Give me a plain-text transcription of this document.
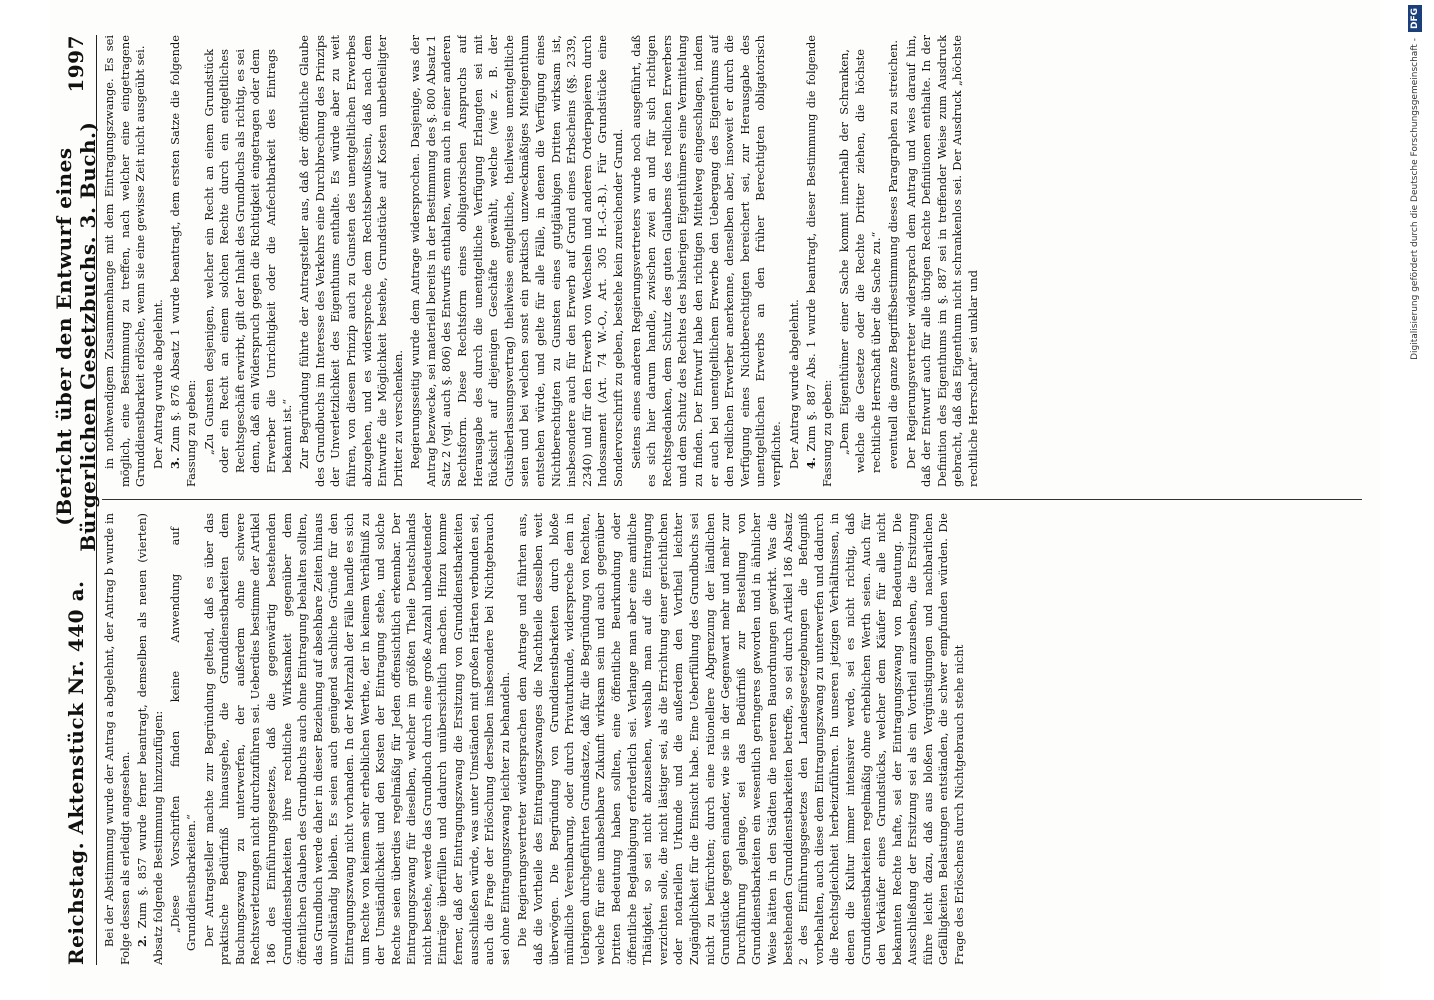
Reichstag. Aktenstück Nr. 440 a.
(Bericht über den Entwurf eines Bürgerlichen Gesetzbuchs. 3. Buch.)
1997

Bei der Abstimmung wurde der Antrag a abgelehnt, der Antrag b wurde in Folge dessen als erledigt angesehen. 2. Zum §. 857 wurde ferner beantragt, demselben als neuen (vierten) Absatz folgende Bestimmung hinzuzufügen: „Diese Vorschriften finden keine Anwendung auf Grunddienstbarkeiten.“ Der Antragsteller machte zur Begründung geltend, daß es über das praktische Bedürfniß hinausgehe, die Grunddienstbarkeiten dem Buchungszwang zu unterwerfen, der außerdem ohne schwere Rechtsverletzungen nicht durchzuführen sei. Ueberdies bestimme der Artikel 186 des Einführungsgesetzes, daß die gegenwärtig bestehenden Grunddienstbarkeiten ihre rechtliche Wirksamkeit gegenüber dem öffentlichen Glauben des Grundbuchs auch ohne Eintragung behalten sollten, das Grundbuch werde daher in dieser Beziehung auf absehbare Zeiten hinaus unvollständig bleiben. Es seien auch genügend sachliche Gründe für den Eintragungszwang nicht vorhanden. In der Mehrzahl der Fälle handle es sich um Rechte von keinem sehr erheblichen Werthe, der in keinem Verhältniß zu der Umständlichkeit und den Kosten der Eintragung stehe, und solche Rechte seien überdies regelmäßig für Jeden offensichtlich erkennbar. Der Eintragungszwang für dieselben, welcher im größten Theile Deutschlands nicht bestehe, werde das Grundbuch durch eine große Anzahl unbedeutender Einträge überfüllen und dadurch unübersichtlich machen. Hinzu komme ferner, daß der Eintragungszwang die Ersitzung von Grunddienstbarkeiten ausschließen würde, was unter Umständen mit großen Härten verbunden sei, auch die Frage der Erlöschung derselben insbesondere bei Nichtgebrauch sei ohne Eintragungszwang leichter zu behandeln. Die Regierungsvertreter widersprachen dem Antrage und führten aus, daß die Vortheile des Eintragungszwanges die Nachtheile desselben weit überwögen. Die Begründung von Grunddienstbarkeiten durch bloße mündliche Vereinbarung, oder durch Privaturkunde, widerspreche dem in Uebrigen durchgeführten Grundsatze, daß für die Begründung von Rechten, welche für eine unabsehbare Zukunft wirksam sein und auch gegenüber Dritten Bedeutung haben sollten, eine öffentliche Beurkundung oder öffentliche Beglaubigung erforderlich sei. Verlange man aber eine amtliche Thätigkeit, so sei nicht abzusehen, weshalb man auf die Eintragung verzichten solle, die nicht lästiger sei, als die Errichtung einer gerichtlichen oder notariellen Urkunde und die außerdem den Vortheil leichter Zugänglichkeit für die Einsicht habe. Eine Ueberfüllung des Grundbuchs sei nicht zu befürchten; durch eine rationellere Abgrenzung der ländlichen Grundstücke gegen einander, wie sie in der Gegenwart mehr und mehr zur Durchführung gelange, sei das Bedürfniß zur Bestellung von Grunddienstbarkeiten ein wesentlich geringeres geworden und in ähnlicher Weise hätten in den Städten die neueren Bauordnungen gewirkt. Was die bestehenden Grunddienstbarkeiten betreffe, so sei durch Artikel 186 Absatz 2 des Einführungsgesetzes den Landesgesetzgebungen die Befugniß vorbehalten, auch diese dem Eintragungszwang zu unterwerfen und dadurch die Rechtsgleichheit herbeizuführen. In unseren jetzigen Verhältnissen, in denen die Kultur immer intensiver werde, sei es nicht richtig, daß Grunddienstbarkeiten regelmäßig ohne erheblichen Werth seien. Auch für den Verkäufer eines Grundstücks, welcher dem Käufer für alle nicht bekannten Rechte hafte, sei der Eintragungszwang von Bedeutung. Die Ausschließung der Ersitzung sei als ein Vortheil anzusehen, die Ersitzung führe leicht dazu, daß aus bloßen Vergünstigungen und nachbarlichen Gefälligkeiten Belastungen entständen, die schwer empfunden würden. Die Frage des Erlöschens durch Nichtgebrauch stehe nicht

in nothwendigem Zusammenhange mit dem Eintragungszwange. Es sei möglich, eine Bestimmung zu treffen, nach welcher eine eingetragene Grunddienstbarkeit erlösche, wenn sie eine gewisse Zeit nicht ausgeübt sei. Der Antrag wurde abgelehnt. 3. Zum §. 876 Absatz 1 wurde beantragt, dem ersten Satze die folgende Fassung zu geben: „Zu Gunsten desjenigen, welcher ein Recht an einem Grundstück oder ein Recht an einem solchen Rechte durch ein entgeltliches Rechtsgeschäft erwirbt, gilt der Inhalt des Grundbuchs als richtig, es sei denn, daß ein Widerspruch gegen die Richtigkeit eingetragen oder dem Erwerber die Unrichtigkeit oder die Anfechtbarkeit des Eintrags bekannt ist.“ Zur Begründung führte der Antragsteller aus, daß der öffentliche Glaube des Grundbuchs im Interesse des Verkehrs eine Durchbrechung des Prinzips der Unverletzlichkeit des Eigenthums enthalte. Es würde aber zu weit führen, von diesem Prinzip auch zu Gunsten des unentgeltlichen Erwerbes abzugehen, und es widerspreche dem Rechtsbewußtsein, daß nach dem Entwurfe die Möglichkeit bestehe, Grundstücke auf Kosten unbetheiligter Dritter zu verschenken. Regierungsseitig wurde dem Antrage widersprochen. Dasjenige, was der Antrag bezwecke, sei materiell bereits in der Bestimmung des §. 800 Absatz 1 Satz 2 (vgl. auch §. 806) des Entwurfs enthalten, wenn auch in einer anderen Rechtsform. Diese Rechtsform eines obligatorischen Anspruchs auf Herausgabe des durch die unentgeltliche Verfügung Erlangten sei mit Rücksicht auf diejenigen Geschäfte gewählt, welche (wie z. B. der Gutsüberlassungsvertrag) theilweise entgeltliche, theilweise unentgeltliche seien und bei welchen sonst ein praktisch unzweckmäßiges Miteigenthum entstehen würde, und gelte für alle Fälle, in denen die Verfügung eines Nichtberechtigten zu Gunsten eines gutgläubigen Dritten wirksam ist, insbesondere auch für den Erwerb auf Grund eines Erbscheins (§§. 2339, 2340) und für den Erwerb von Wechseln und anderen Orderpapieren durch Indossament (Art. 74 W.-O., Art. 305 H.-G.-B.). Für Grundstücke eine Sondervorschrift zu geben, bestehe kein zureichender Grund. Seitens eines anderen Regierungsvertreters wurde noch ausgeführt, daß es sich hier darum handle, zwischen zwei an und für sich richtigen Rechtsgedanken, dem Schutz des guten Glaubens des redlichen Erwerbers und dem Schutz des Rechtes des bisherigen Eigenthümers eine Vermittelung zu finden. Der Entwurf habe den richtigen Mittelweg eingeschlagen, indem er auch bei unentgeltlichem Erwerbe den Uebergang des Eigenthums auf den redlichen Erwerber anerkenne, denselben aber, insoweit er durch die Verfügung eines Nichtberechtigten bereichert sei, zur Herausgabe des unentgeltlichen Erwerbs an den früher Berechtigten obligatorisch verpflichte. Der Antrag wurde abgelehnt. 4. Zum §. 887 Abs. 1 wurde beantragt, dieser Bestimmung die folgende Fassung zu geben: „Dem Eigenthümer einer Sache kommt innerhalb der Schranken, welche die Gesetze oder die Rechte Dritter ziehen, die höchste rechtliche Herrschaft über die Sache zu.“ eventuell die ganze Begriffsbestimmung dieses Paragraphen zu streichen. Der Regierungsvertreter widersprach dem Antrag und wies darauf hin, daß der Entwurf auch für alle übrigen Rechte Definitionen enthalte. In der Definition des Eigenthums im §. 887 sei in treffender Weise zum Ausdruck gebracht, daß das Eigenthum nicht schrankenlos sei. Der Ausdruck „höchste rechtliche Herrschaft“ sei unklar und

Digitalisierung gefördert durch die Deutsche Forschungsgemeinschaft -
DFG
